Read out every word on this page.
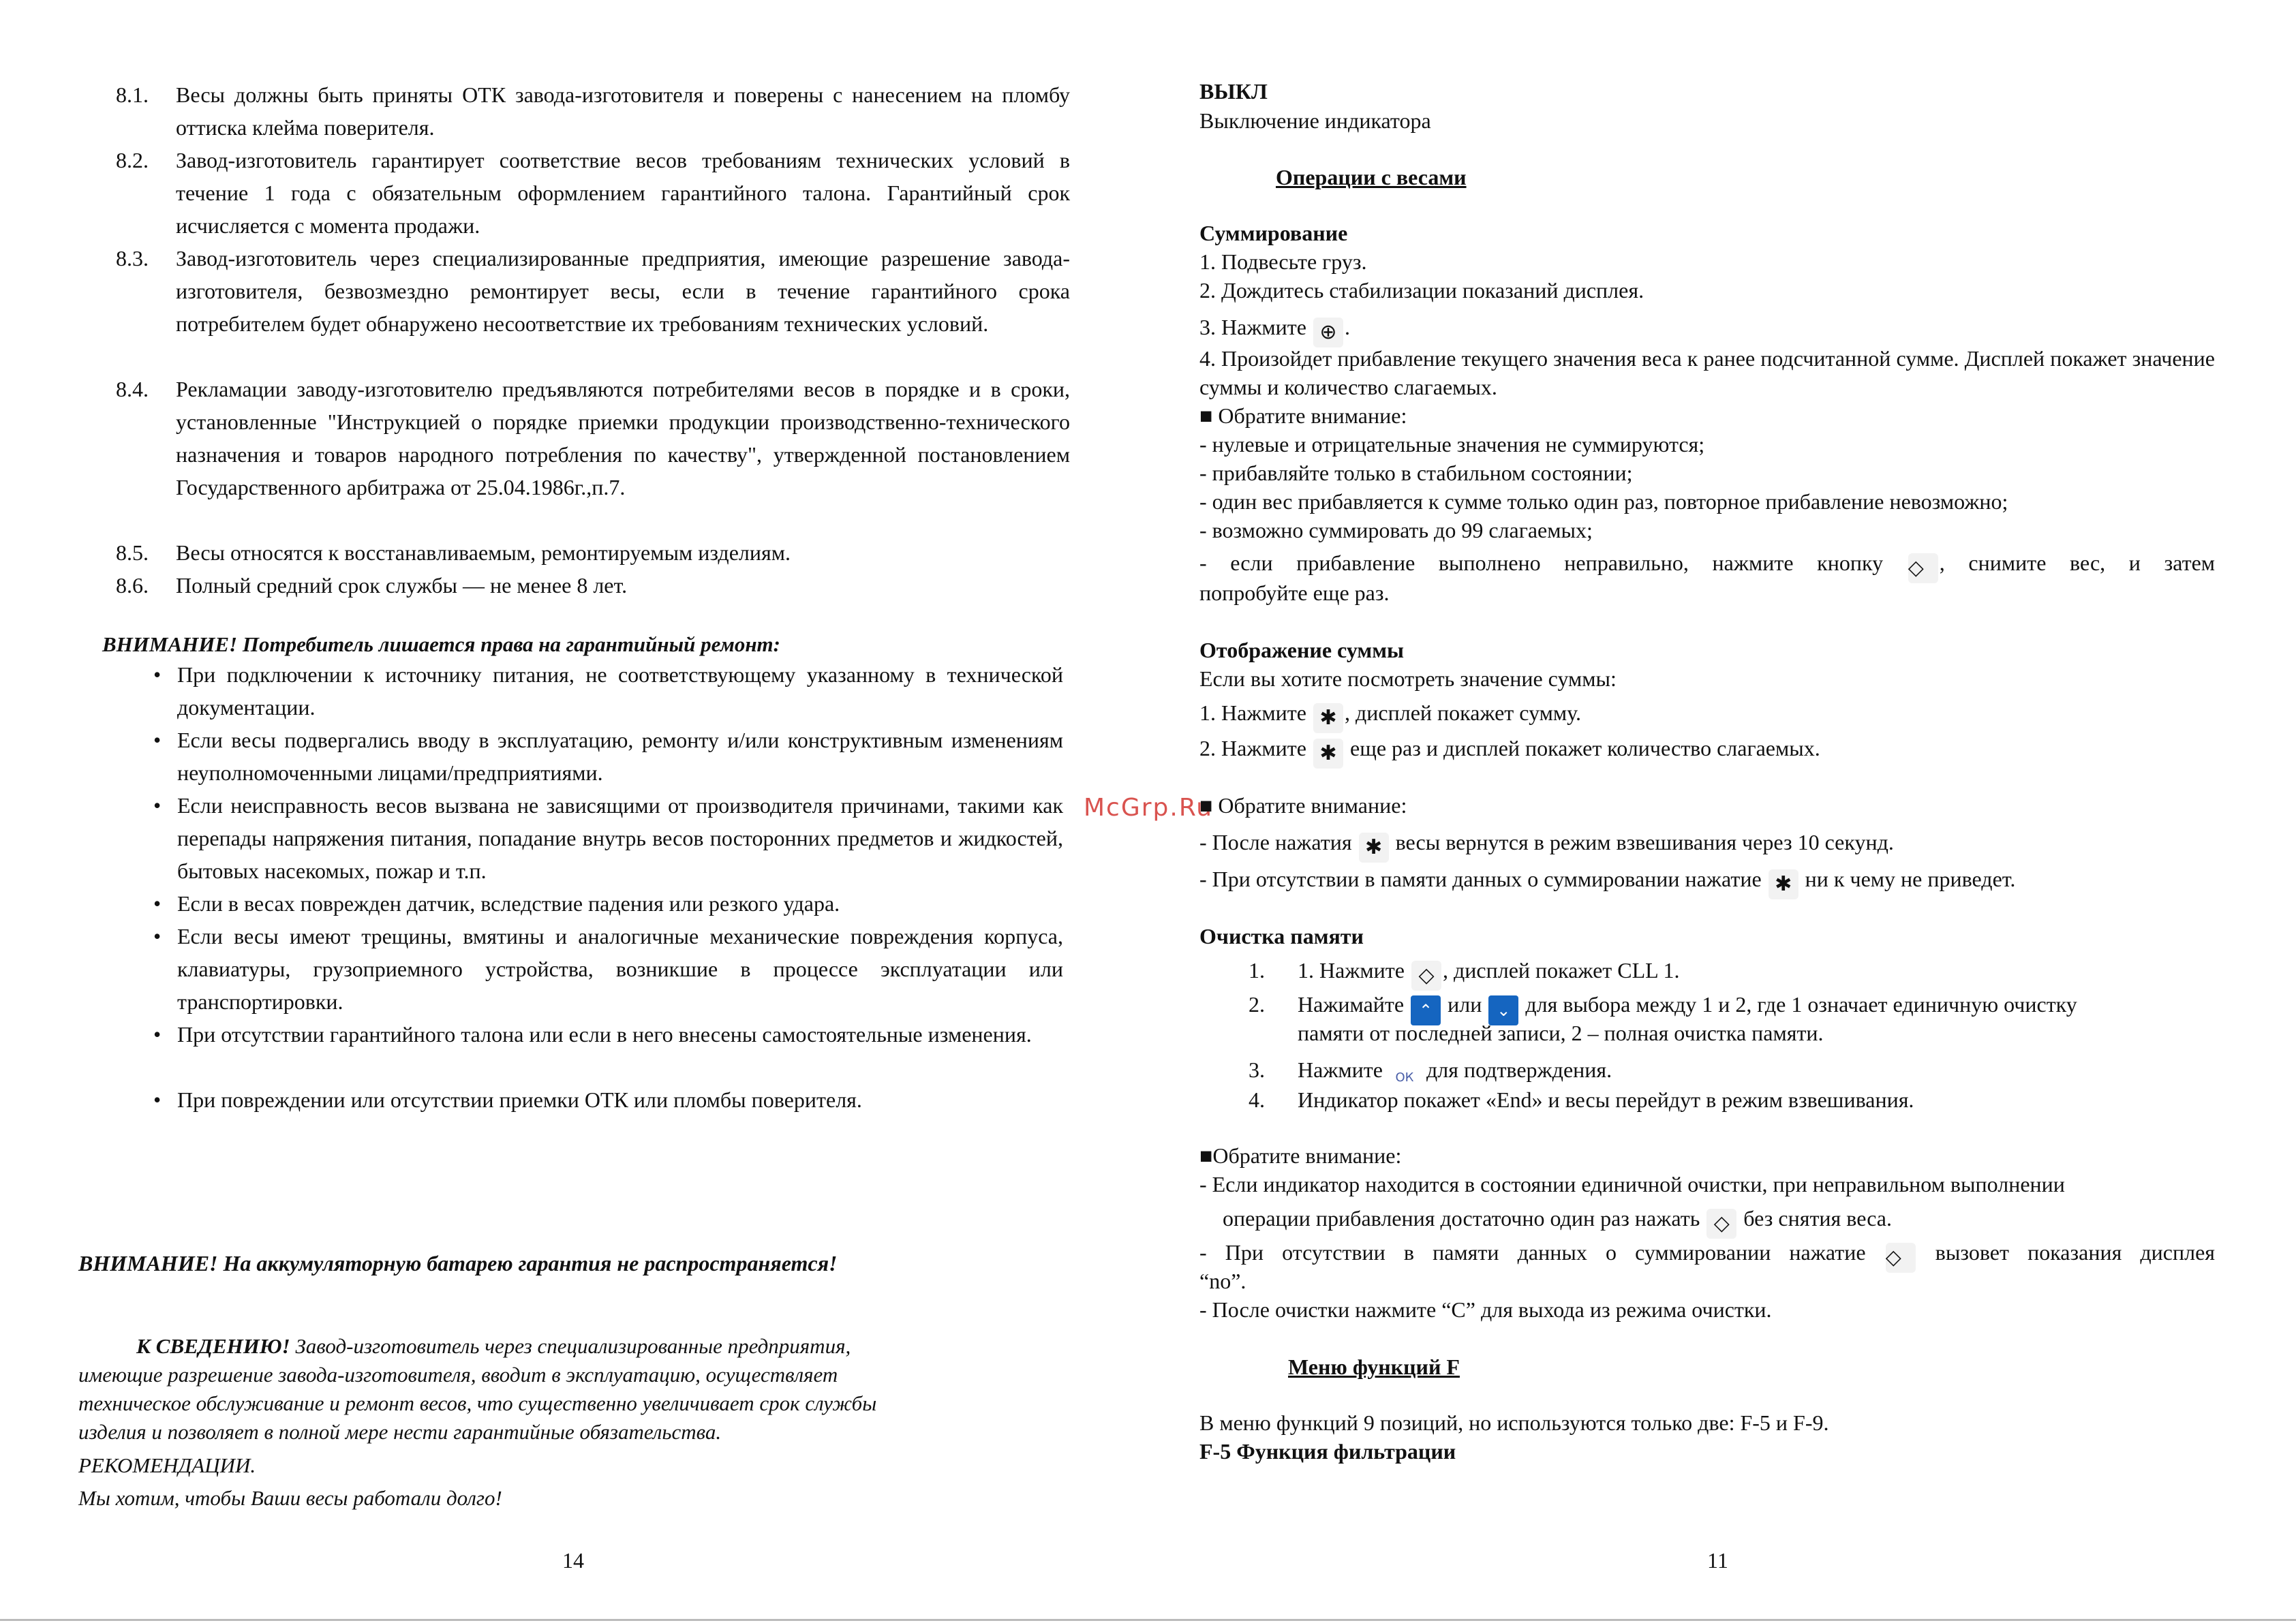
8.1. Весы должны быть приняты ОТК завода-изготовителя и поверены с нанесением на пломбу оттиска клейма поверителя.
8.2. Завод-изготовитель гарантирует соответствие весов требованиям технических условий в течение 1 года с обязательным оформлением гарантийного талона. Гарантийный срок исчисляется с момента продажи.
8.3. Завод-изготовитель через специализированные предприятия, имеющие разрешение завода-изготовителя, безвозмездно ремонтирует весы, если в течение гарантийного срока потребителем будет обнаружено несоответствие их требованиям технических условий.
8.4. Рекламации заводу-изготовителю предъявляются потребителями весов в порядке и в сроки, установленные "Инструкцией о порядке приемки продукции производственно-технического назначения и товаров народного потребления по качеству", утвержденной постановлением Государственного арбитража от 25.04.1986г.,п.7.
8.5. Весы относятся к восстанавливаемым, ремонтируемым изделиям.
8.6. Полный средний срок службы — не менее 8 лет.
ВНИМАНИЕ! Потребитель лишается права на гарантийный ремонт:
• При подключении к источнику питания, не соответствующему указанному в технической документации.
• Если весы подвергались вводу в эксплуатацию, ремонту и/или конструктивным изменениям неуполномоченными лицами/предприятиями.
• Если неисправность весов вызвана не зависящими от производителя причинами, такими как перепады напряжения питания, попадание внутрь весов посторонних предметов и жидкостей, бытовых насекомых, пожар и т.п.
• Если в весах поврежден датчик, вследствие падения или резкого удара.
• Если весы имеют трещины, вмятины и аналогичные механические повреждения корпуса, клавиатуры, грузоприемного устройства, возникшие в процессе эксплуатации или транспортировки.
• При отсутствии гарантийного талона или если в него внесены самостоятельные изменения.
• При повреждении или отсутствии приемки ОТК или пломбы поверителя.
ВНИМАНИЕ! На аккумуляторную батарею гарантия не распространяется!
К СВЕДЕНИЮ! Завод-изготовитель через специализированные предприятия,
имеющие разрешение завода-изготовителя, вводит в эксплуатацию, осуществляет
техническое обслуживание и ремонт весов, что существенно увеличивает срок службы
изделия и позволяет в полной мере нести гарантийные обязательства.
РЕКОМЕНДАЦИИ.
Мы хотим, чтобы Ваши весы работали долго!
14
McGrp.Ru
ВЫКЛ
Выключение индикатора
Операции с весами
Суммирование
1. Подвесьте груз.
2. Дождитесь стабилизации показаний дисплея.
3. Нажмите ⊕ .
4. Произойдет прибавление текущего значения веса к ранее подсчитанной сумме. Дисплей покажет значение суммы и количество слагаемых.
■ Обратите внимание:
- нулевые и отрицательные значения не суммируются;
- прибавляйте только в стабильном состоянии;
- один вес прибавляется к сумме только один раз, повторное прибавление невозможно;
- возможно суммировать до 99 слагаемых;
- если прибавление выполнено неправильно, нажмите кнопку ◇ , снимите вес, и затем
попробуйте еще раз.
Отображение суммы
Если вы хотите посмотреть значение суммы:
1. Нажмите ✱ , дисплей покажет сумму.
2. Нажмите ✱ еще раз и дисплей покажет количество слагаемых.
■ Обратите внимание:
- После нажатия ✱ весы вернутся в режим взвешивания через 10 секунд.
- При отсутствии в памяти данных о суммировании нажатие ✱ ни к чему не приведет.
Очистка памяти
1. 1. Нажмите ◇ , дисплей покажет CLL 1.
2. Нажимайте ⌃ или ⌄ для выбора между 1 и 2, где 1 означает единичную очистку
памяти от последней записи, 2 – полная очистка памяти.
3. Нажмите ОК для подтверждения.
4. Индикатор покажет «End» и весы перейдут в режим взвешивания.
■Обратите внимание:
- Если индикатор находится в состоянии единичной очистки, при неправильном выполнении
операции прибавления достаточно один раз нажать ◇ без снятия веса.
- При отсутствии в памяти данных о суммировании нажатие ◇ вызовет показания дисплея
“no”.
- После очистки нажмите “С” для выхода из режима очистки.
Меню функций F
В меню функций 9 позиций, но используются только две: F-5 и F-9.
F-5 Функция фильтрации
11
